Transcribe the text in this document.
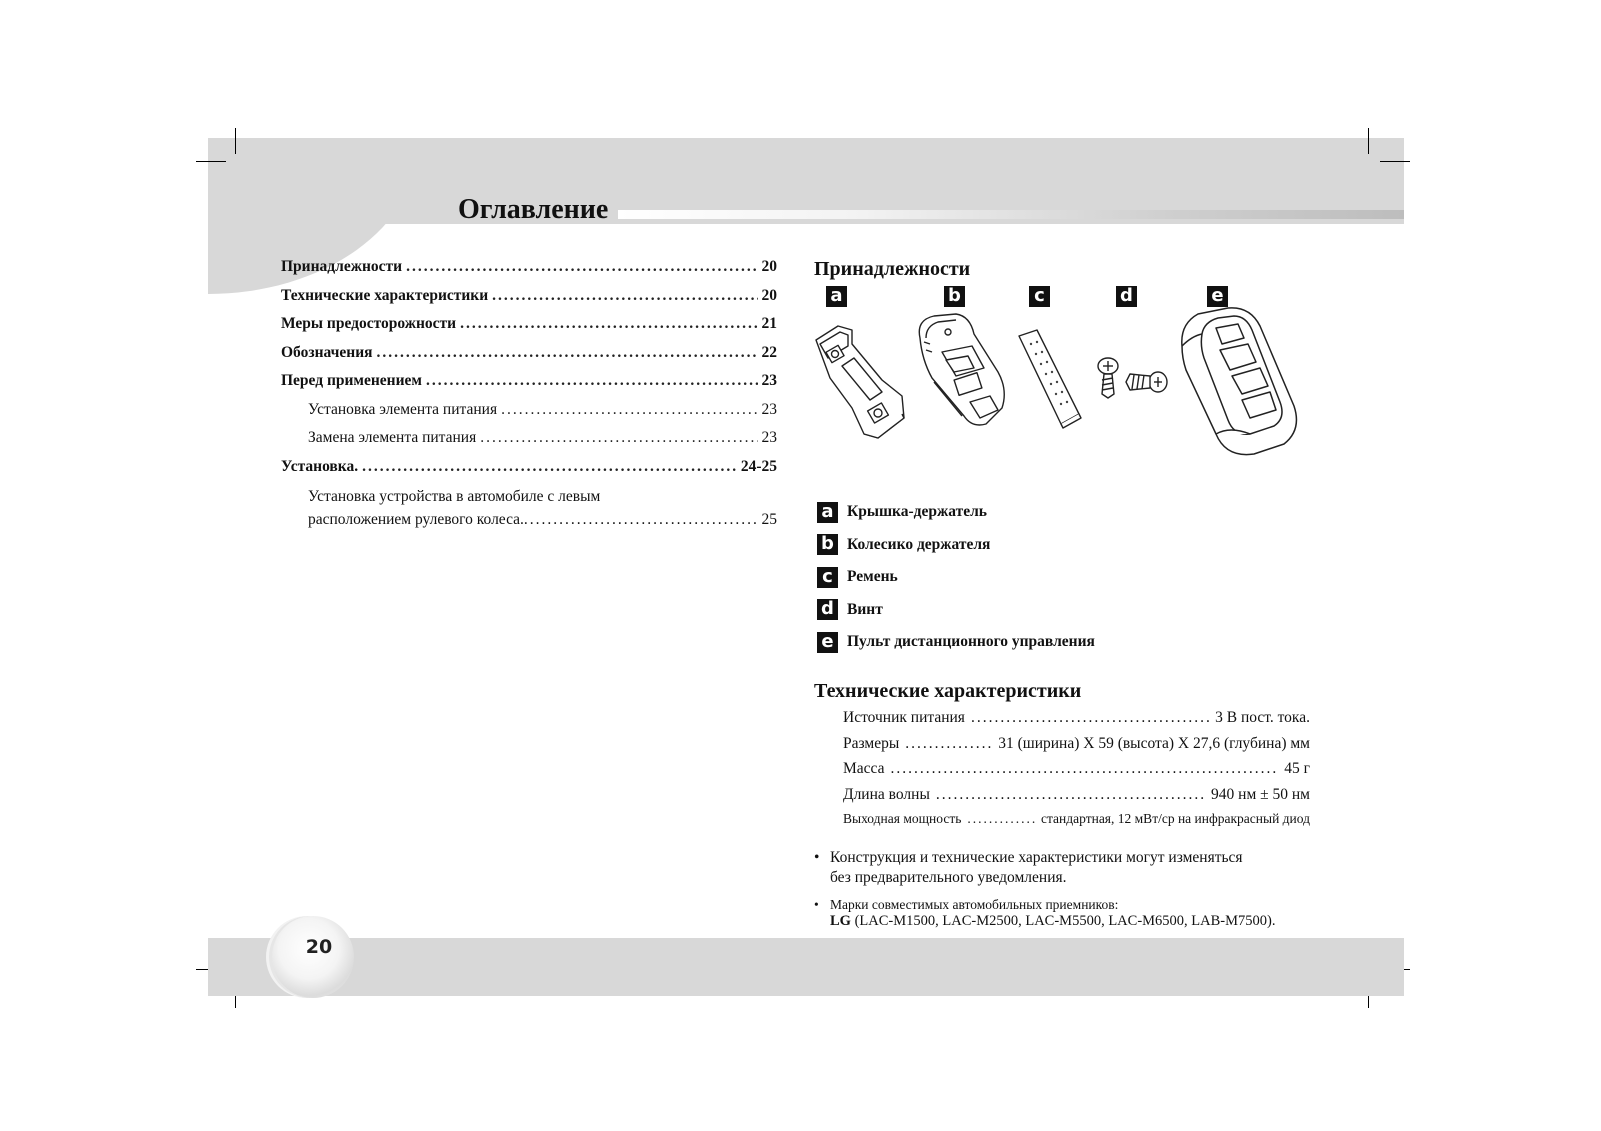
Оглавление
20
Принадлежности .....	20
Технические характеристики .....	20
Меры предосторожности .....	21
Обозначения .....	22
Перед применением .....	23
Установка элемента питания .....	23
Замена элемента питания .....	23
Установка. .....	24-25
Установка устройства в автомобиле с левым
расположением рулевого колеса. .....	25
Принадлежности
a	b	c	d	e
a Крышка-держатель
b Колесико держателя
c Ремень
d Винт
e Пульт дистанционного управления
Технические характеристики
Источник питания .....	3 В пост. тока.
Размеры .....	31 (ширина) X 59 (высота) X 27,6 (глубина) мм
Масса .....	45 г
Длина волны .....	940 нм ± 50 нм
Выходная мощность .....	стандартная, 12 мВт/ср на инфракрасный диод
• Конструкция и технические характеристики могут изменяться
без предварительного уведомления.
• Марки совместимых автомобильных приемников:
LG (LAC-M1500, LAC-M2500, LAC-M5500, LAC-M6500, LAB-M7500).
